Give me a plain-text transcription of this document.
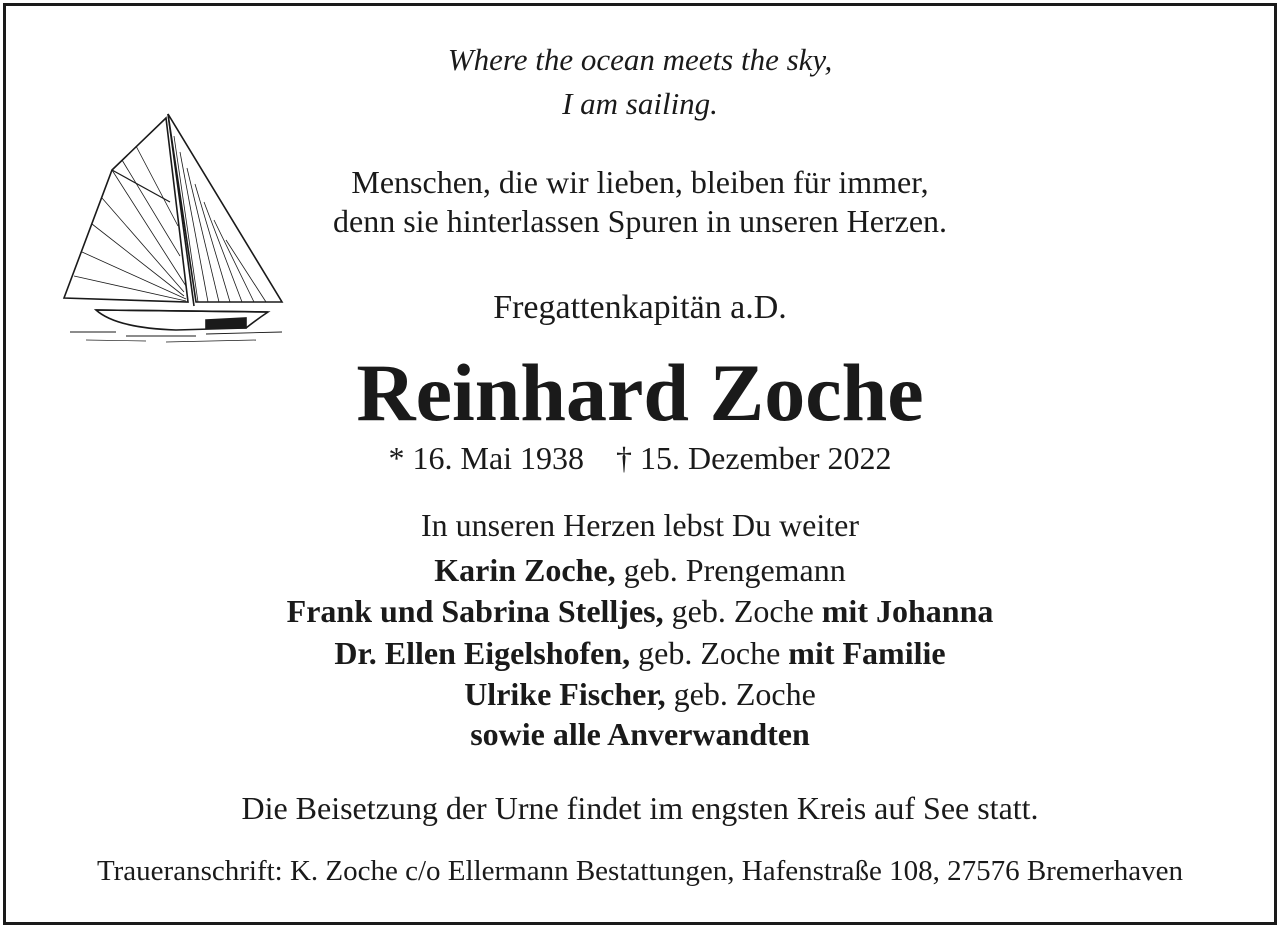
Where the ocean meets the sky,
I am sailing.
Menschen, die wir lieben, bleiben für immer,
denn sie hinterlassen Spuren in unseren Herzen.
Fregattenkapitän a.D.
Reinhard Zoche
* 16. Mai 1938 † 15. Dezember 2022
In unseren Herzen lebst Du weiter
Karin Zoche, geb. Prengemann
Frank und Sabrina Stelljes, geb. Zoche mit Johanna
Dr. Ellen Eigelshofen, geb. Zoche mit Familie
Ulrike Fischer, geb. Zoche
sowie alle Anverwandten
Die Beisetzung der Urne findet im engsten Kreis auf See statt.
Traueranschrift: K. Zoche c/o Ellermann Bestattungen, Hafenstraße 108, 27576 Bremerhaven
